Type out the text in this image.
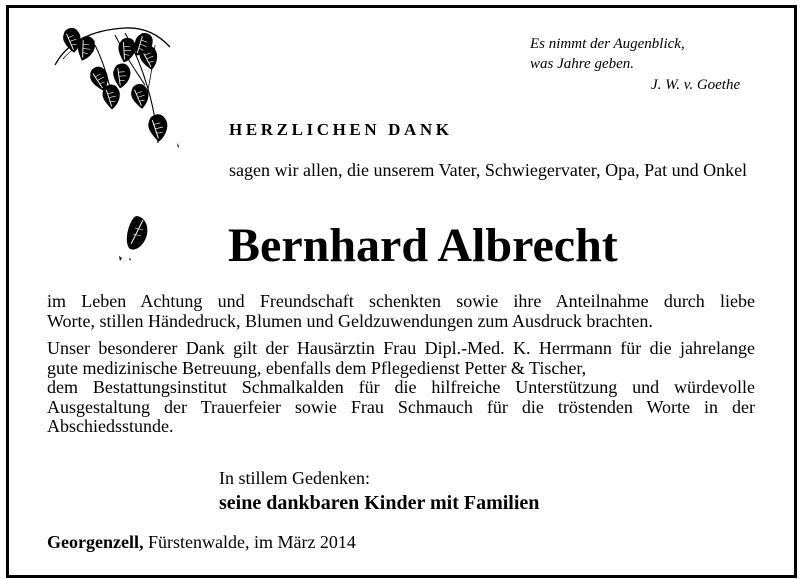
Es nimmt der Augenblick,
was Jahre geben.
J. W. v. Goethe
HERZLICHEN DANK
sagen wir allen, die unserem Vater, Schwiegervater, Opa, Pat und Onkel
Bernhard Albrecht
im Leben Achtung und Freundschaft schenkten sowie ihre Anteilnahme durch liebe
Worte, stillen Händedruck, Blumen und Geldzuwendungen zum Ausdruck brachten.
Unser besonderer Dank gilt der Hausärztin Frau Dipl.-Med. K. Herrmann für die jahrelange
gute medizinische Betreuung, ebenfalls dem Pflegedienst Petter & Tischer,
dem Bestattungsinstitut Schmalkalden für die hilfreiche Unterstützung und würdevolle
Ausgestaltung der Trauerfeier sowie Frau Schmauch für die tröstenden Worte in der
Abschiedsstunde.
In stillem Gedenken:
seine dankbaren Kinder mit Familien
Georgenzell, Fürstenwalde, im März 2014
